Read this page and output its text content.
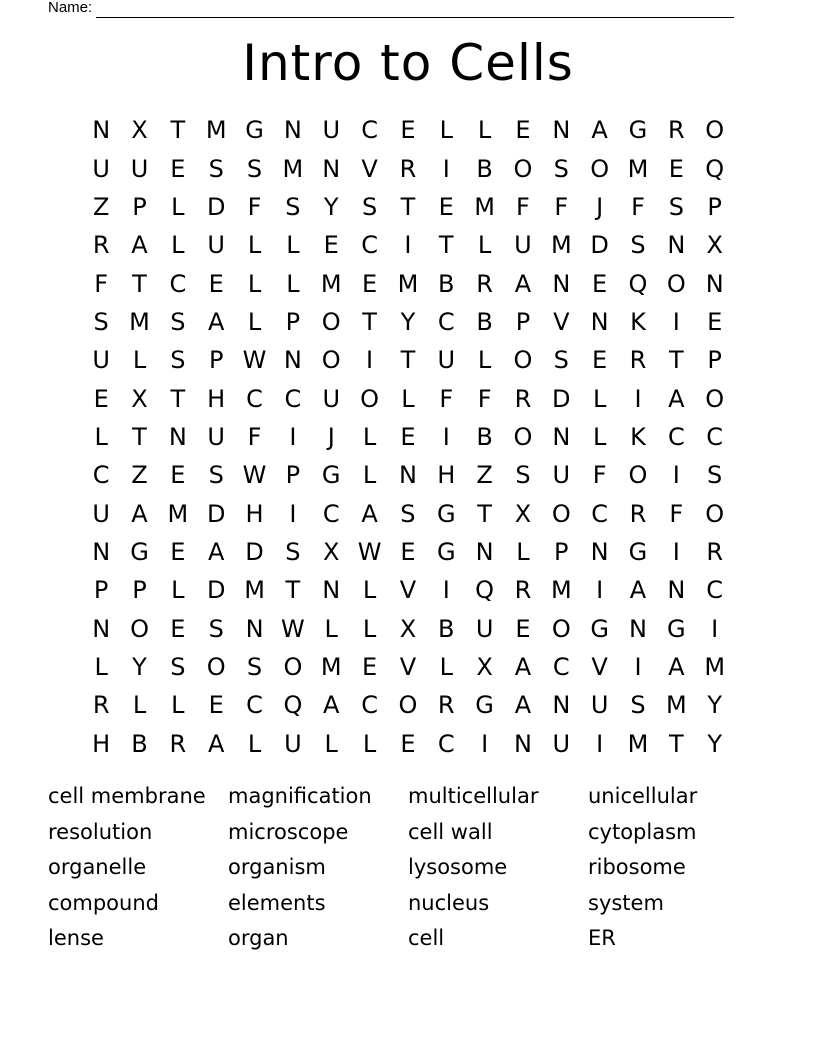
Name:
Intro to Cells
N X T M G N U C E	L	L	E N A G R O
U U E S S M N V R	I	B O S O M E Q
Z P	L D F S Y S T E M F	F	J	F S P
R A L U L	L	E C	I	T	L U M D S N X
F	T C E	L	L M E M B R A N E Q O N
S M S A L	P O T Y C B P V N K	I	E
U L	S P W N O	I	T U L O S E R T P
E X T H C C U O L	F	F R D L	I	A O
L	T N U F	I	J	L	E	I	B O N L K C C
C Z E S W P G L N H Z S U F O	I	S
U A M D H	I	C A S G T X O C R F O
N G E A D S X W E G N L	P N G	I	R
P P	L D M T N L V	I	Q R M	I	A N C
N O E S N W L	L X B U E O G N G	I
L	Y S O S O M E V L X A C V	I	A M
R L	L	E C Q A C O R G A N U S M Y
H B R A L U L	L	E C	I	N U	I	M T Y
cell membrane	magnification	multicellular	unicellular
resolution	microscope	cell wall	cytoplasm
organelle	organism	lysosome	ribosome
compound	elements	nucleus	system
lense	organ	cell	ER
